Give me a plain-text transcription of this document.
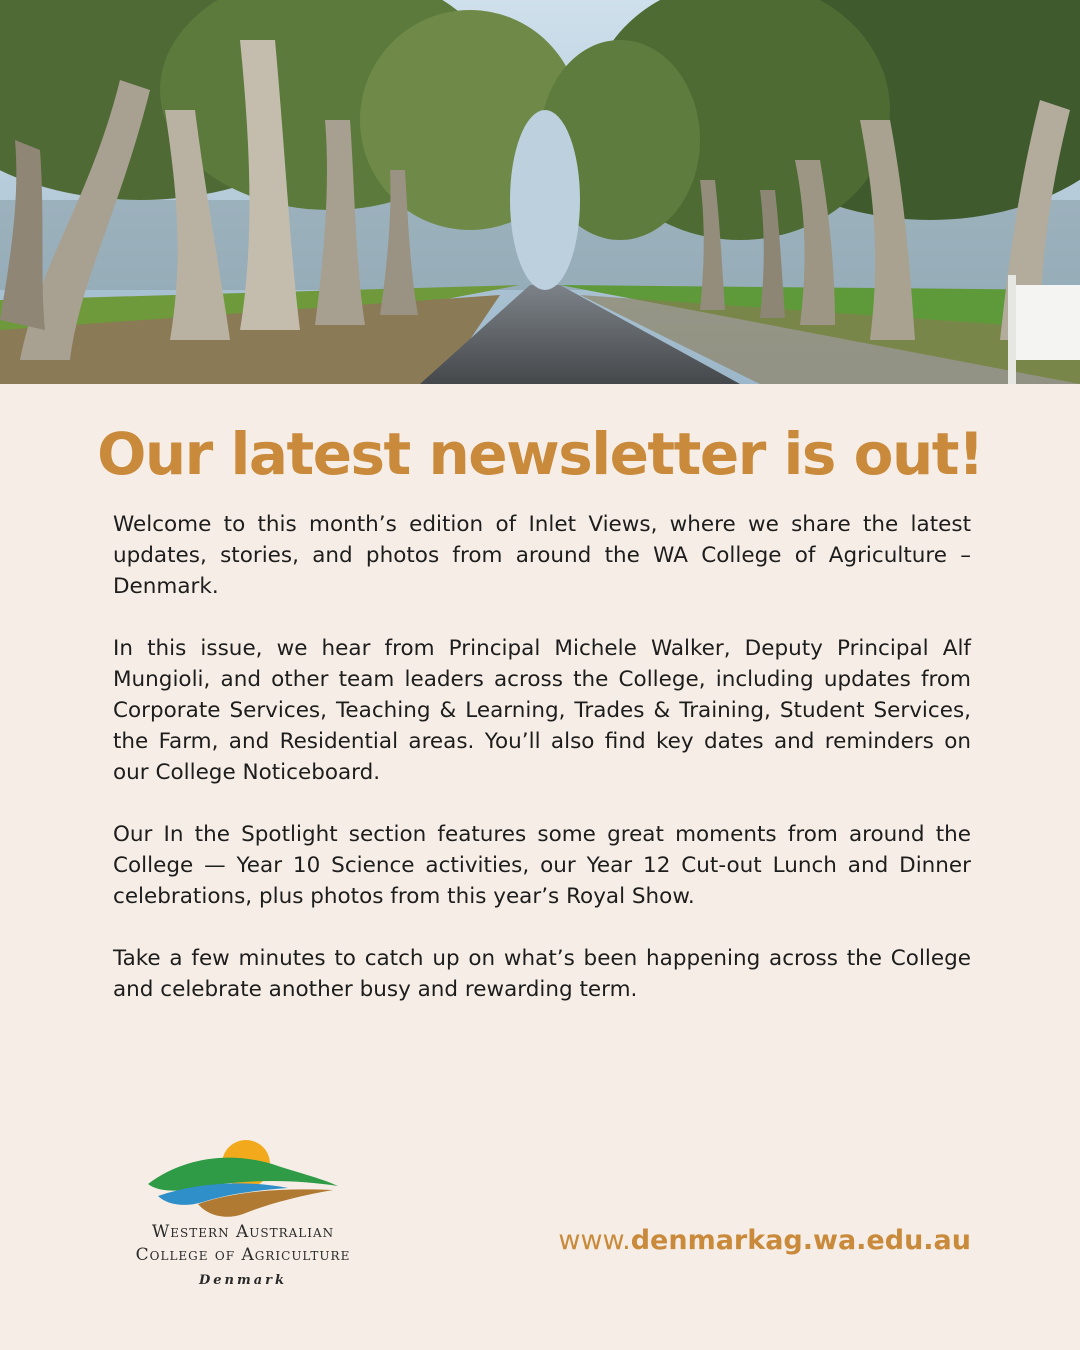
Our latest newsletter is out!

Welcome to this month’s edition of Inlet Views, where we share the latest updates, stories, and photos from around the WA College of Agriculture – Denmark.

In this issue, we hear from Principal Michele Walker, Deputy Principal Alf Mungioli, and other team leaders across the College, including updates from Corporate Services, Teaching & Learning, Trades & Training, Student Services, the Farm, and Residential areas. You’ll also find key dates and reminders on our College Noticeboard.

Our In the Spotlight section features some great moments from around the College — Year 10 Science activities, our Year 12 Cut-out Lunch and Dinner celebrations, plus photos from this year’s Royal Show.

Take a few minutes to catch up on what’s been happening across the College and celebrate another busy and rewarding term.

Western Australian
College of Agriculture
Denmark
www.denmarkag.wa.edu.au
